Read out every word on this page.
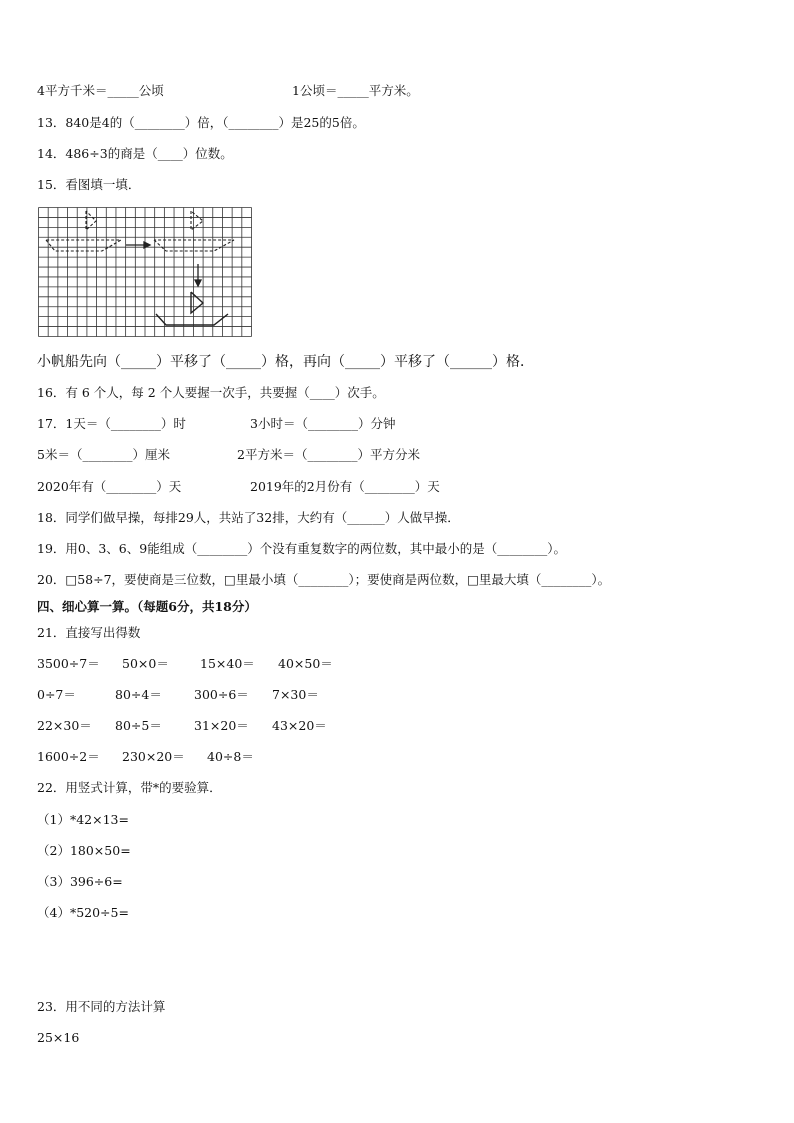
4平方千米＝_____公顷	1公顷＝_____平方米。
13．840是4的（________）倍，（________）是25的5倍。
14．486÷3的商是（____）位数。
15．看图填一填．
小帆船先向（_____）平移了（_____）格，再向（_____）平移了（______）格．
16．有 6 个人，每 2 个人要握一次手，共要握（____）次手。
17．1天＝（________）时	3小时＝（________）分钟
5米＝（________）厘米	2平方米＝（________）平方分米
2020年有（________）天	2019年的2月份有（________）天
18．同学们做早操，每排29人，共站了32排，大约有（______）人做早操．
19．用0、3、6、9能组成（________）个没有重复数字的两位数，其中最小的是（________）。
20．□58÷7，要使商是三位数，□里最小填（________）；要使商是两位数，□里最大填（________）。
四、细心算一算。（每题6分，共18分）
21．直接写出得数
3500÷7＝ 50×0＝ 15×40＝ 40×50＝
0÷7＝	80÷4＝	300÷6＝ 7×30＝
22×30＝ 80÷5＝	31×20＝ 43×20＝
1600÷2＝ 230×20＝ 40÷8＝
22．用竖式计算，带*的要验算．
（1）*42×13=
（2）180×50=
（3）396÷6=
（4）*520÷5=
23．用不同的方法计算
25×16
